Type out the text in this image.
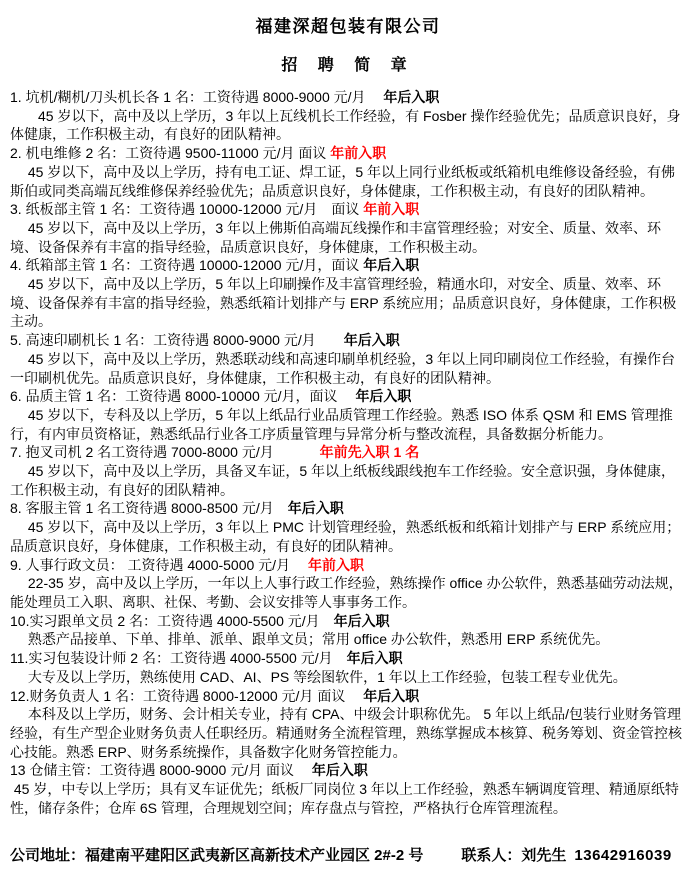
福建深超包装有限公司
招 聘 简 章

1. 坑机/糊机/刀头机长各 1 名：工资待遇 8000-9000 元/月　 年后入职

　　45 岁以下，高中及以上学历，3 年以上瓦线机长工作经验，有 Fosber 操作经验优先；品质意识良好，身体健康，工作积极主动，有良好的团队精神。

2. 机电维修 2 名：工资待遇 9500-11000 元/月 面议 年前入职

　 45 岁以下，高中及以上学历，持有电工证、焊工证，5 年以上同行业纸板或纸箱机电维修设备经验，有佛斯伯或同类高端瓦线维修保养经验优先；品质意识良好，身体健康，工作积极主动，有良好的团队精神。

3. 纸板部主管 1 名：工资待遇 10000-12000 元/月　面议 年前入职

　 45 岁以下，高中及以上学历，3 年以上佛斯伯高端瓦线操作和丰富管理经验；对安全、质量、效率、环境、设备保养有丰富的指导经验，品质意识良好，身体健康，工作积极主动。

4. 纸箱部主管 1 名：工资待遇 10000-12000 元/月，面议 年后入职

　 45 岁以下，高中及以上学历，5 年以上印刷操作及丰富管理经验，精通水印，对安全、质量、效率、环境、设备保养有丰富的指导经验，熟悉纸箱计划排产与 ERP 系统应用；品质意识良好，身体健康，工作积极主动。

5. 高速印刷机长 1 名：工资待遇 8000-9000 元/月　　年后入职

　 45 岁以下，高中及以上学历，熟悉联动线和高速印刷单机经验，3 年以上同印刷岗位工作经验，有操作台一印刷机优先。品质意识良好，身体健康，工作积极主动，有良好的团队精神。

6. 品质主管 1 名：工资待遇 8000-10000 元/月，面议　 年后入职

　 45 岁以下，专科及以上学历，5 年以上纸品行业品质管理工作经验。熟悉 ISO 体系 QSM 和 EMS 管理推行，有内审员资格证，熟悉纸品行业各工序质量管理与异常分析与整改流程，具备数据分析能力。

7. 抱叉司机 2 名工资待遇 7000-8000 元/月　　　 年前先入职 1 名

　 45 岁以下，高中及以上学历，具备叉车证，5 年以上纸板线跟线抱车工作经验。安全意识强，身体健康，工作积极主动，有良好的团队精神。

8. 客服主管 1 名工资待遇 8000-8500 元/月　年后入职

　 45 岁以下，高中及以上学历，3 年以上 PMC 计划管理经验，熟悉纸板和纸箱计划排产与 ERP 系统应用；品质意识良好，身体健康，工作积极主动，有良好的团队精神。

9. 人事行政文员： 工资待遇 4000-5000 元/月　 年前入职

　 22-35 岁，高中及以上学历，一年以上人事行政工作经验，熟练操作 office 办公软件，熟悉基础劳动法规，能处理员工入职、离职、社保、考勤、会议安排等人事事务工作。

10.实习跟单文员 2 名：工资待遇 4000-5500 元/月　年后入职

　 熟悉产品接单、下单、排单、派单、跟单文员；常用 office 办公软件，熟悉用 ERP 系统优先。

11.实习包装设计师 2 名：工资待遇 4000-5500 元/月　年后入职

　 大专及以上学历，熟练使用 CAD、AI、PS 等绘图软件，1 年以上工作经验，包装工程专业优先。

12.财务负责人 1 名：工资待遇 8000-12000 元/月 面议　 年后入职

　 本科及以上学历，财务、会计相关专业，持有 CPA、中级会计职称优先。 5 年以上纸品/包装行业财务管理经验，有生产型企业财务负责人任职经历。精通财务全流程管理，熟练掌握成本核算、税务筹划、资金管控核心技能。熟悉 ERP、财务系统操作，具备数字化财务管控能力。

13 仓储主管：工资待遇 8000-9000 元/月 面议　 年后入职

45 岁，中专以上学历；具有叉车证优先；纸板厂同岗位 3 年以上工作经验，熟悉车辆调度管理、精通原纸特性，储存条件；仓库 6S 管理，合理规划空间；库存盘点与管控，严格执行仓库管理流程。

公司地址：福建南平建阳区武夷新区高新技术产业园区 2#-2 号	联系人：刘先生 13642916039
